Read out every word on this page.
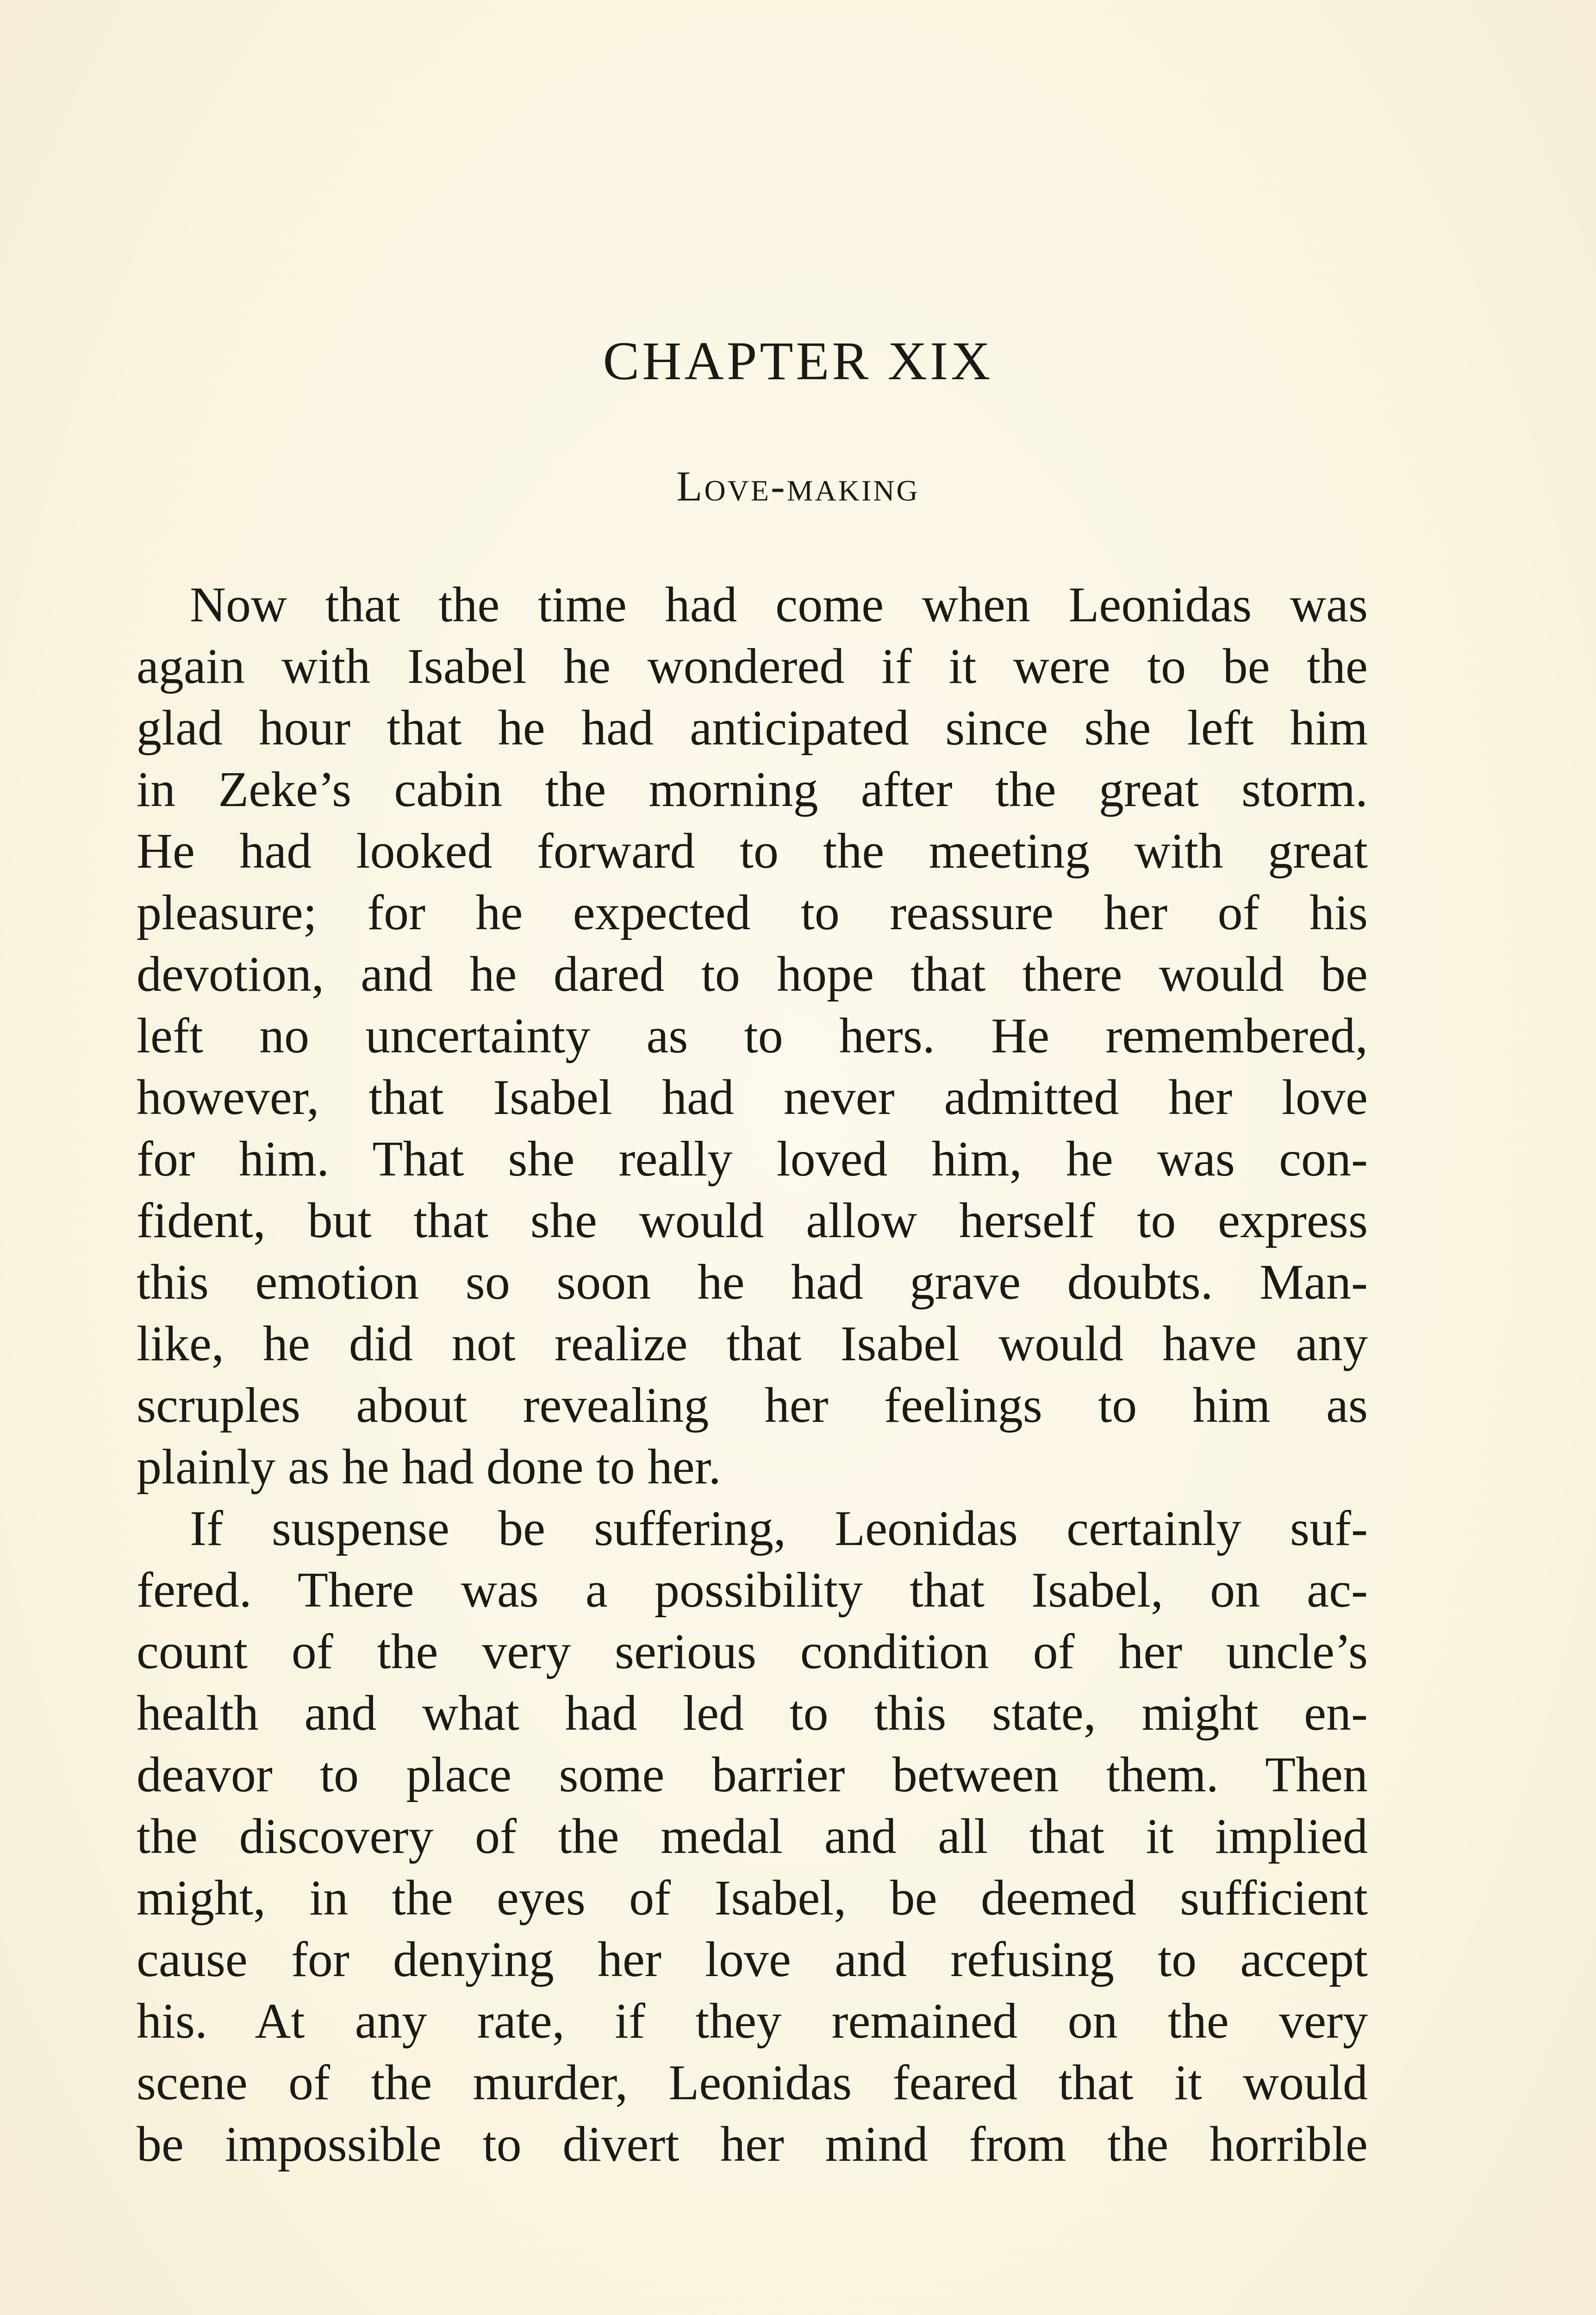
CHAPTER XIX
Love-making
Now that the time had come when Leonidas was
again with Isabel he wondered if it were to be the
glad hour that he had anticipated since she left him
in Zeke’s cabin the morning after the great storm.
He had looked forward to the meeting with great
pleasure; for he expected to reassure her of his
devotion, and he dared to hope that there would be
left no uncertainty as to hers. He remembered,
however, that Isabel had never admitted her love
for him. That she really loved him, he was con-
fident, but that she would allow herself to express
this emotion so soon he had grave doubts. Man-
like, he did not realize that Isabel would have any
scruples about revealing her feelings to him as
plainly as he had done to her.
If suspense be suffering, Leonidas certainly suf-
fered. There was a possibility that Isabel, on ac-
count of the very serious condition of her uncle’s
health and what had led to this state, might en-
deavor to place some barrier between them. Then
the discovery of the medal and all that it implied
might, in the eyes of Isabel, be deemed sufficient
cause for denying her love and refusing to accept
his. At any rate, if they remained on the very
scene of the murder, Leonidas feared that it would
be impossible to divert her mind from the horrible
